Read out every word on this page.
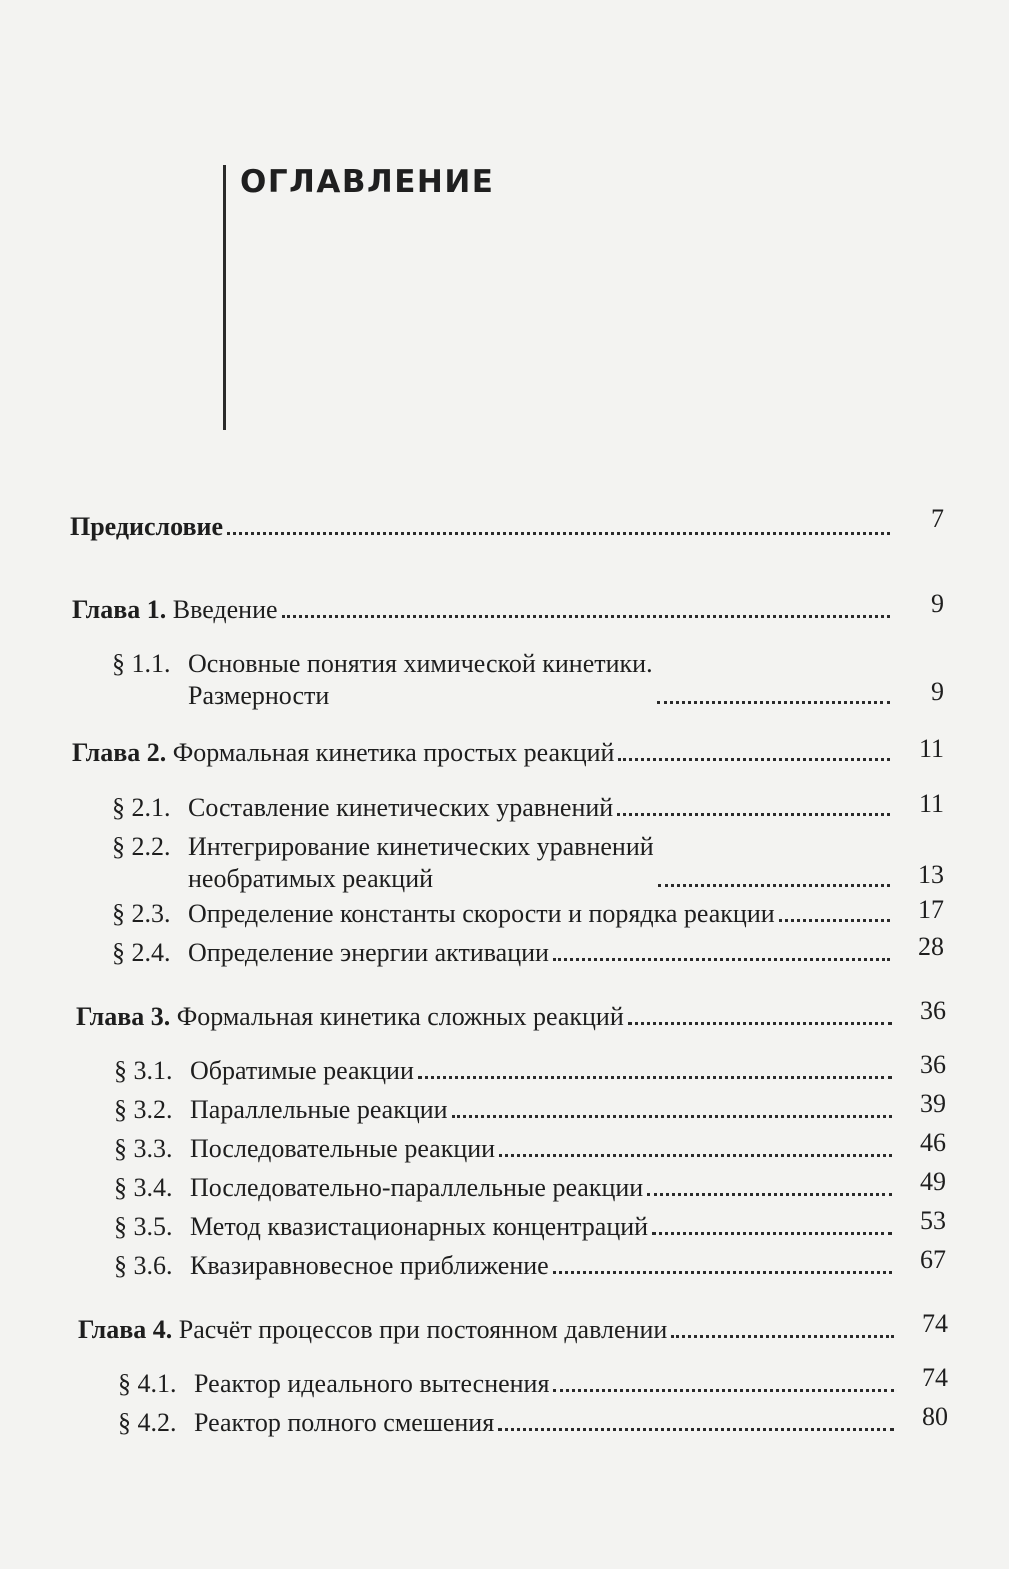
ОГЛАВЛЕНИЕ
Предисловие	7
Глава 1. Введение	9
§ 1.1. Основные понятия химической кинетики.
Размерности	9
Глава 2. Формальная кинетика простых реакций	11
§ 2.1. Составление кинетических уравнений	11
§ 2.2. Интегрирование кинетических уравнений
необратимых реакций	13
§ 2.3. Определение константы скорости и порядка реакции	17
§ 2.4. Определение энергии активации	28
Глава 3. Формальная кинетика сложных реакций	36
§ 3.1. Обратимые реакции	36
§ 3.2. Параллельные реакции	39
§ 3.3. Последовательные реакции	46
§ 3.4. Последовательно-параллельные реакции	49
§ 3.5. Метод квазистационарных концентраций	53
§ 3.6. Квазиравновесное приближение	67
Глава 4. Расчёт процессов при постоянном давлении	74
§ 4.1. Реактор идеального вытеснения	74
§ 4.2. Реактор полного смешения	80
